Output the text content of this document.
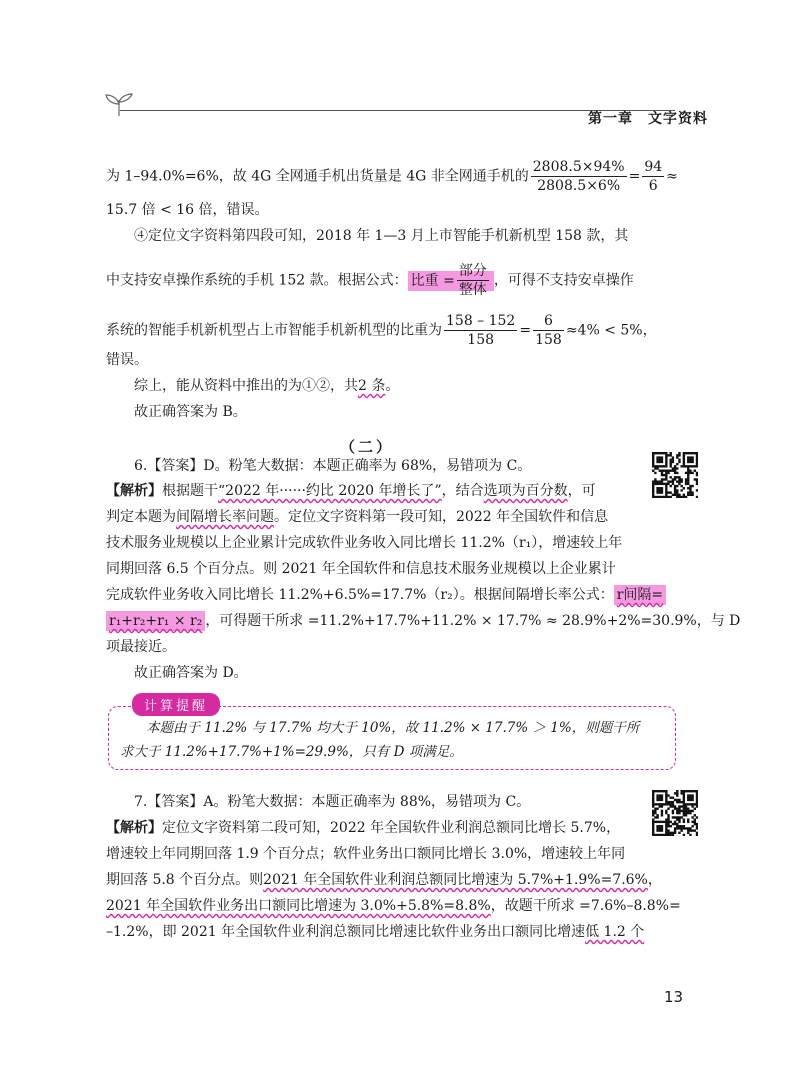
第一章　文字资料
为 1–94.0%=6%，故 4G 全网通手机出货量是 4G 非全网通手机的 $\frac{2808.5\times 94\%}{2808.5\times 6\%} = \frac{94}{6}$ ≈
15.7 倍 < 16 倍，错误。
④定位文字资料第四段可知，2018 年 1—3 月上市智能手机新机型 158 款，其
中支持安卓操作系统的手机 152 款。根据公式： 比重 = $\frac{\text{部分}}{\text{整体}}$ ，可得不支持安卓操作
系统的智能手机新机型占上市智能手机新机型的比重为 $\frac{158 - 152}{158} = \frac{6}{158} \approx 4\% < 5\%$，
错误。
综上，能从资料中推出的为①②，共2 条。
故正确答案为 B。
（二）
6.【答案】D。粉笔大数据：本题正确率为 68%，易错项为 C。
【解析】根据题干“2022 年······约比 2020 年增长了”，结合选项为百分数，可
判定本题为间隔增长率问题。定位文字资料第一段可知，2022 年全国软件和信息
技术服务业规模以上企业累计完成软件业务收入同比增长 11.2%（r₁），增速较上年
同期回落 6.5 个百分点。则 2021 年全国软件和信息技术服务业规模以上企业累计
完成软件业务收入同比增长 11.2%+6.5%=17.7%（r₂）。根据间隔增长率公式： r间隔=
r₁+r₂+r₁ × r₂ ，可得题干所求 =11.2%+17.7%+11.2% × 17.7% ≈ 28.9%+2%=30.9%，与 D
项最接近。
故正确答案为 D。
计算提醒
本题由于 11.2% 与 17.7% 均大于 10%，故 11.2% × 17.7% ＞ 1%，则题干所
求大于 11.2%+17.7%+1%=29.9%，只有 D 项满足。
7.【答案】A。粉笔大数据：本题正确率为 88%，易错项为 C。
【解析】定位文字资料第二段可知，2022 年全国软件业利润总额同比增长 5.7%，
增速较上年同期回落 1.9 个百分点；软件业务出口额同比增长 3.0%，增速较上年同
期回落 5.8 个百分点。则2021 年全国软件业利润总额同比增速为 5.7%+1.9%=7.6%，
2021 年全国软件业务出口额同比增速为 3.0%+5.8%=8.8%，故题干所求 =7.6%–8.8%=
–1.2%，即 2021 年全国软件业利润总额同比增速比软件业务出口额同比增速低 1.2 个
13
